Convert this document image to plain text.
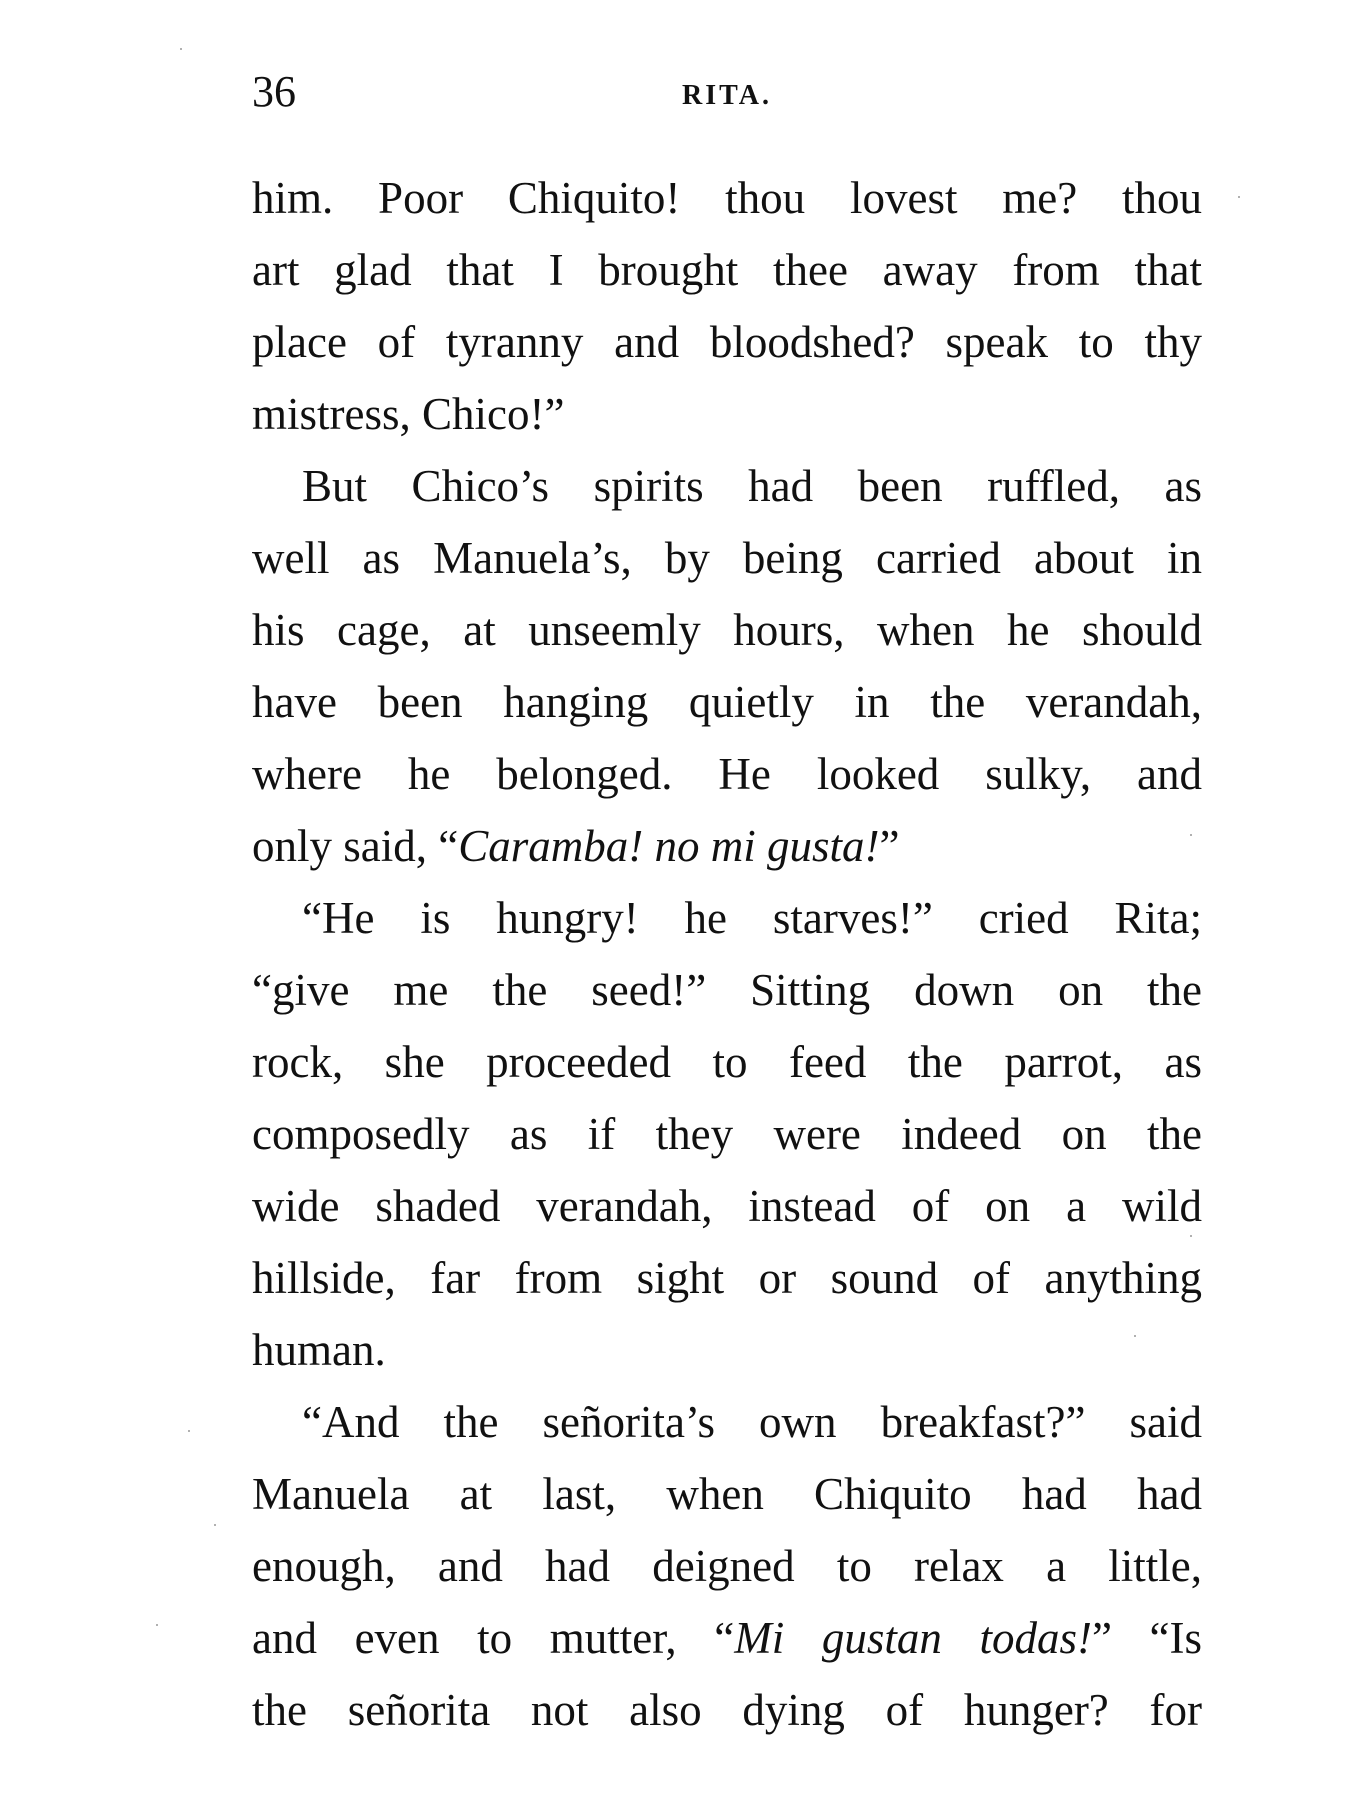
36	RITA.
him. Poor Chiquito! thou lovest me? thou
art glad that I brought thee away from that
place of tyranny and bloodshed? speak to thy
mistress, Chico!”
But Chico’s spirits had been ruffled, as
well as Manuela’s, by being carried about in
his cage, at unseemly hours, when he should
have been hanging quietly in the verandah,
where he belonged. He looked sulky, and
only said, “Caramba! no mi gusta!”
“He is hungry! he starves!” cried Rita;
“give me the seed!” Sitting down on the
rock, she proceeded to feed the parrot, as
composedly as if they were indeed on the
wide shaded verandah, instead of on a wild
hillside, far from sight or sound of anything
human.
“And the señorita’s own breakfast?” said
Manuela at last, when Chiquito had had
enough, and had deigned to relax a little,
and even to mutter, “Mi gustan todas!” “Is
the señorita not also dying of hunger? for
